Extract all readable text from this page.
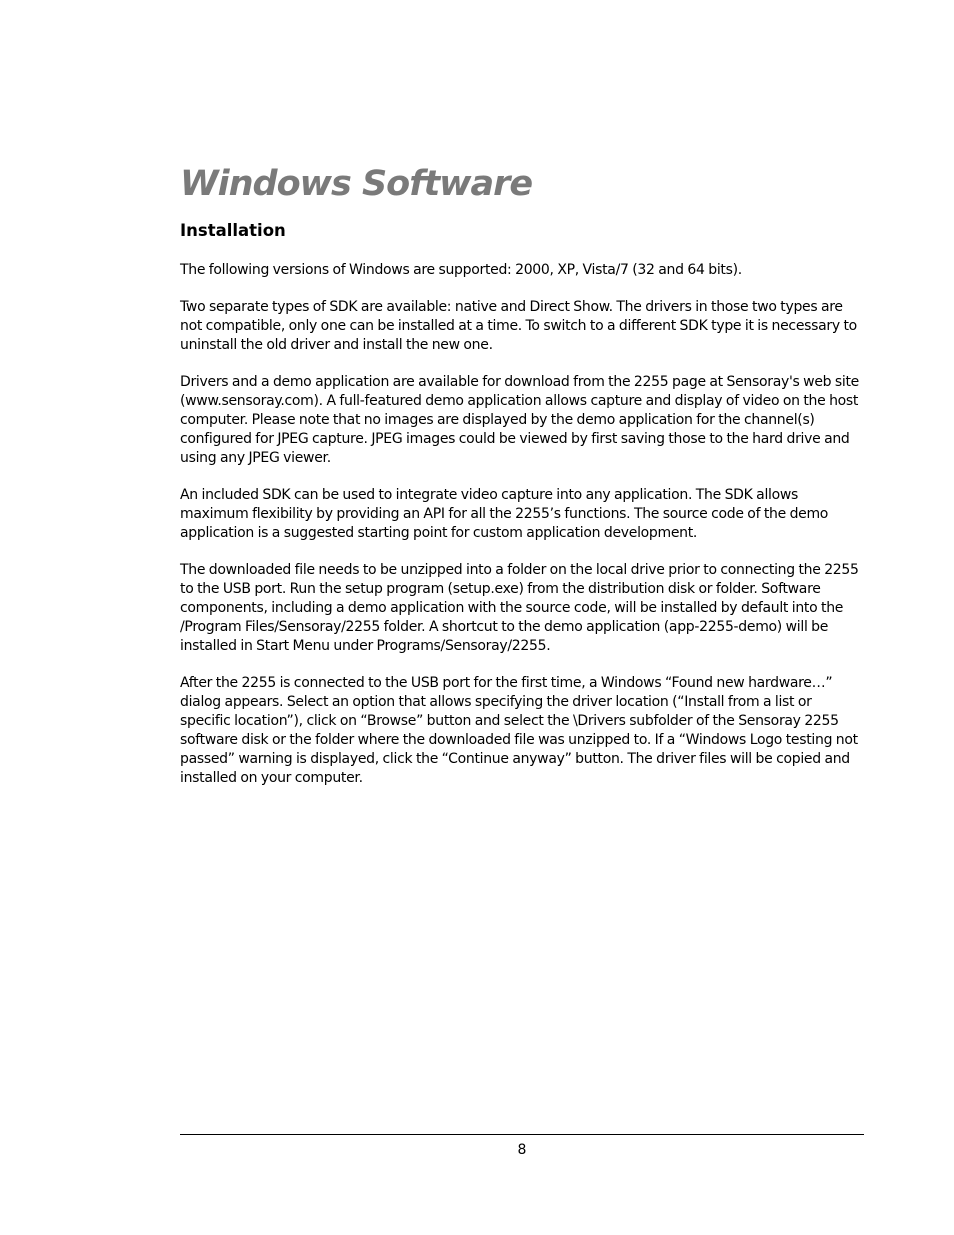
Windows Software
Installation

The following versions of Windows are supported: 2000, XP, Vista/7 (32 and 64 bits).

Two separate types of SDK are available: native and Direct Show. The drivers in those two types are not compatible, only one can be installed at a time. To switch to a different SDK type it is necessary to uninstall the old driver and install the new one.

Drivers and a demo application are available for download from the 2255 page at Sensoray's web site (www.sensoray.com). A full-featured demo application allows capture and display of video on the host computer. Please note that no images are displayed by the demo application for the channel(s) configured for JPEG capture. JPEG images could be viewed by first saving those to the hard drive and using any JPEG viewer.

An included SDK can be used to integrate video capture into any application. The SDK allows maximum flexibility by providing an API for all the 2255’s functions. The source code of the demo application is a suggested starting point for custom application development.

The downloaded file needs to be unzipped into a folder on the local drive prior to connecting the 2255 to the USB port. Run the setup program (setup.exe) from the distribution disk or folder. Software components, including a demo application with the source code, will be installed by default into the /Program Files/Sensoray/2255 folder. A shortcut to the demo application (app-2255-demo) will be installed in Start Menu under Programs/Sensoray/2255.

After the 2255 is connected to the USB port for the first time, a Windows “Found new hardware…” dialog appears. Select an option that allows specifying the driver location (“Install from a list or specific location”), click on “Browse” button and select the \Drivers subfolder of the Sensoray 2255 software disk or the folder where the downloaded file was unzipped to. If a “Windows Logo testing not passed” warning is displayed, click the “Continue anyway” button. The driver files will be copied and installed on your computer.

8
